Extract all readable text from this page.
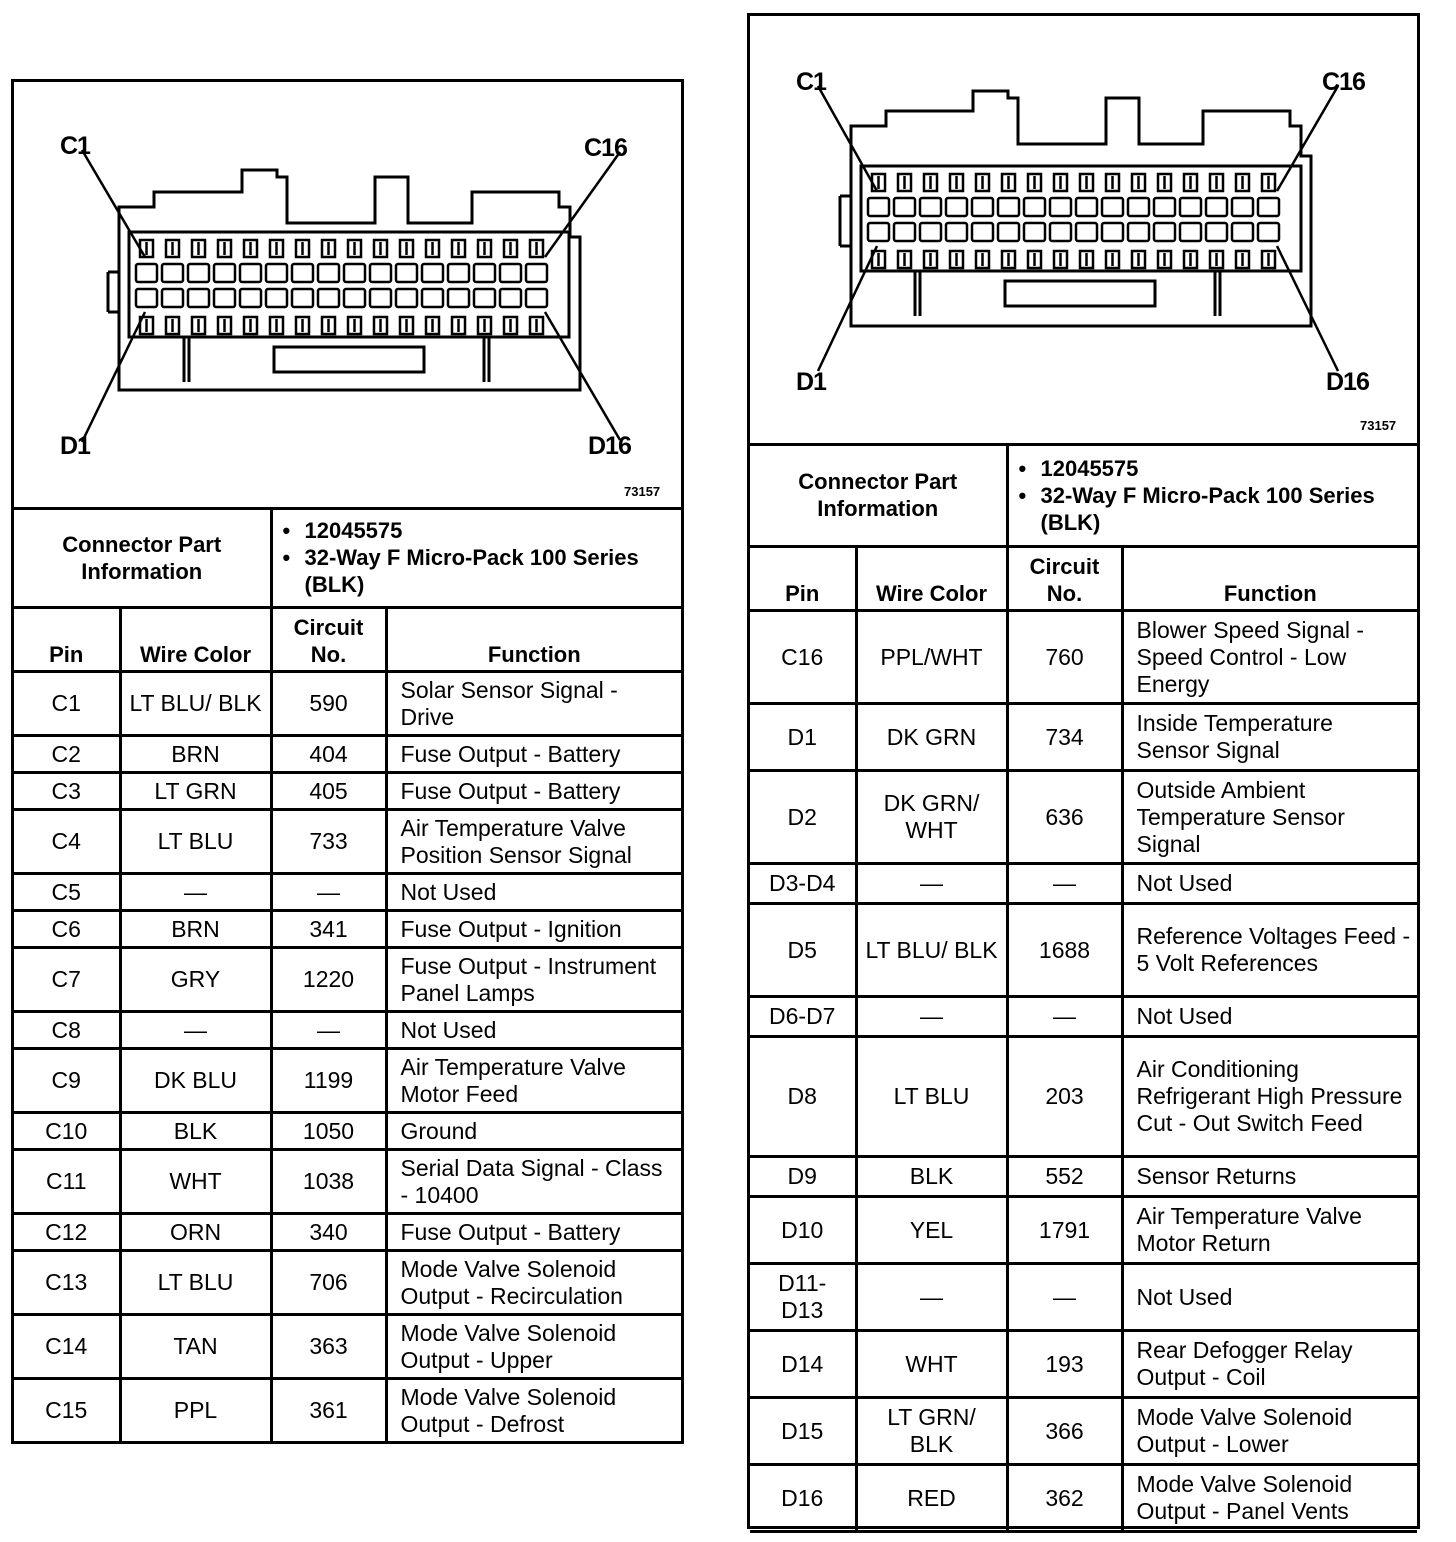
C1	C16
D1	D16
73157
Connector Part Information	
• 12045575
• 32-Way F Micro-Pack 100 Series (BLK)
Pin	Wire Color	Circuit No.	Function
C1	LT BLU/ BLK	590	Solar Sensor Signal - Drive
C2	BRN	404	Fuse Output - Battery
C3	LT GRN	405	Fuse Output - Battery
C4	LT BLU	733	Air Temperature Valve Position Sensor Signal
C5	—	—	Not Used
C6	BRN	341	Fuse Output - Ignition
C7	GRY	1220	Fuse Output - Instrument Panel Lamps
C8	—	—	Not Used
C9	DK BLU	1199	Air Temperature Valve Motor Feed
C10	BLK	1050	Ground
C11	WHT	1038	Serial Data Signal - Class - 10400
C12	ORN	340	Fuse Output - Battery
C13	LT BLU	706	Mode Valve Solenoid Output - Recirculation
C14	TAN	363	Mode Valve Solenoid Output - Upper
C15	PPL	361	Mode Valve Solenoid Output - Defrost
C1	C16
D1	D16
73157
Connector Part Information	
• 12045575
• 32-Way F Micro-Pack 100 Series (BLK)
Pin	Wire Color	Circuit No.	Function
C16	PPL/WHT	760	Blower Speed Signal - Speed Control - Low Energy
D1	DK GRN	734	Inside Temperature Sensor Signal
D2	DK GRN/ WHT	636	Outside Ambient Temperature Sensor Signal
D3-D4	—	—	Not Used
D5	LT BLU/ BLK	1688	Reference Voltages Feed - 5 Volt References
D6-D7	—	—	Not Used
D8	LT BLU	203	Air Conditioning Refrigerant High Pressure Cut - Out Switch Feed
D9	BLK	552	Sensor Returns
D10	YEL	1791	Air Temperature Valve Motor Return
D11- D13	—	—	Not Used
D14	WHT	193	Rear Defogger Relay Output - Coil
D15	LT GRN/ BLK	366	Mode Valve Solenoid Output - Lower
D16	RED	362	Mode Valve Solenoid Output - Panel Vents
